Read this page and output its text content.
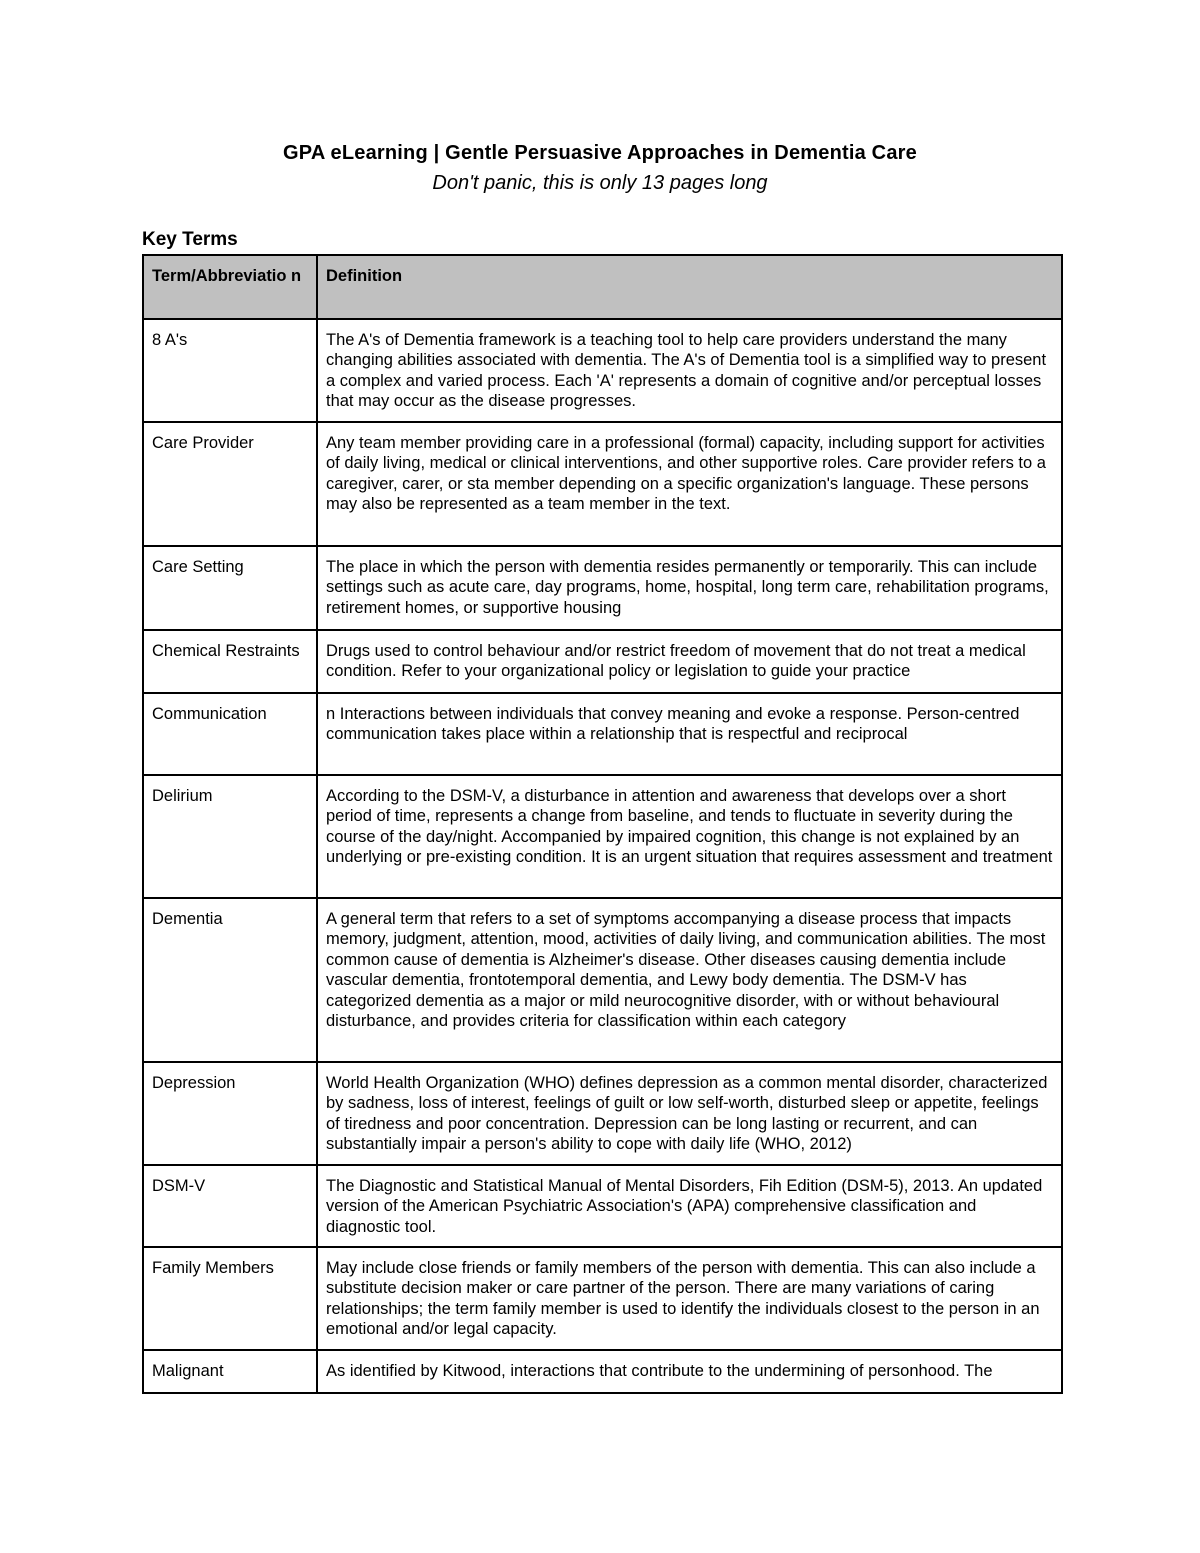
GPA eLearning | Gentle Persuasive Approaches in Dementia Care
Don't panic, this is only 13 pages long
Key Terms
Term/Abbreviatio n	Definition
8 A's	The A's of Dementia framework is a teaching tool to help care providers understand the many changing abilities associated with dementia. The A's of Dementia tool is a simplified way to present a complex and varied process. Each 'A' represents a domain of cognitive and/or perceptual losses that may occur as the disease progresses.
Care Provider	Any team member providing care in a professional (formal) capacity, including support for activities of daily living, medical or clinical interventions, and other supportive roles. Care provider refers to a caregiver, carer, or sta member depending on a specific organization's language. These persons may also be represented as a team member in the text.
Care Setting	The place in which the person with dementia resides permanently or temporarily. This can include settings such as acute care, day programs, home, hospital, long term care, rehabilitation programs, retirement homes, or supportive housing
Chemical Restraints	Drugs used to control behaviour and/or restrict freedom of movement that do not treat a medical condition. Refer to your organizational policy or legislation to guide your practice
Communication	n Interactions between individuals that convey meaning and evoke a response. Person-centred communication takes place within a relationship that is respectful and reciprocal
Delirium	According to the DSM-V, a disturbance in attention and awareness that develops over a short period of time, represents a change from baseline, and tends to fluctuate in severity during the course of the day/night. Accompanied by impaired cognition, this change is not explained by an underlying or pre-existing condition. It is an urgent situation that requires assessment and treatment
Dementia	A general term that refers to a set of symptoms accompanying a disease process that impacts memory, judgment, attention, mood, activities of daily living, and communication abilities. The most common cause of dementia is Alzheimer's disease. Other diseases causing dementia include vascular dementia, frontotemporal dementia, and Lewy body dementia. The DSM-V has categorized dementia as a major or mild neurocognitive disorder, with or without behavioural disturbance, and provides criteria for classification within each category
Depression	World Health Organization (WHO) defines depression as a common mental disorder, characterized by sadness, loss of interest, feelings of guilt or low self-worth, disturbed sleep or appetite, feelings of tiredness and poor concentration. Depression can be long lasting or recurrent, and can substantially impair a person's ability to cope with daily life (WHO, 2012)
DSM-V	The Diagnostic and Statistical Manual of Mental Disorders, Fih Edition (DSM-5), 2013. An updated version of the American Psychiatric Association's (APA) comprehensive classification and diagnostic tool.
Family Members	May include close friends or family members of the person with dementia. This can also include a substitute decision maker or care partner of the person. There are many variations of caring relationships; the term family member is used to identify the individuals closest to the person in an emotional and/or legal capacity.
Malignant	As identified by Kitwood, interactions that contribute to the undermining of personhood. The
